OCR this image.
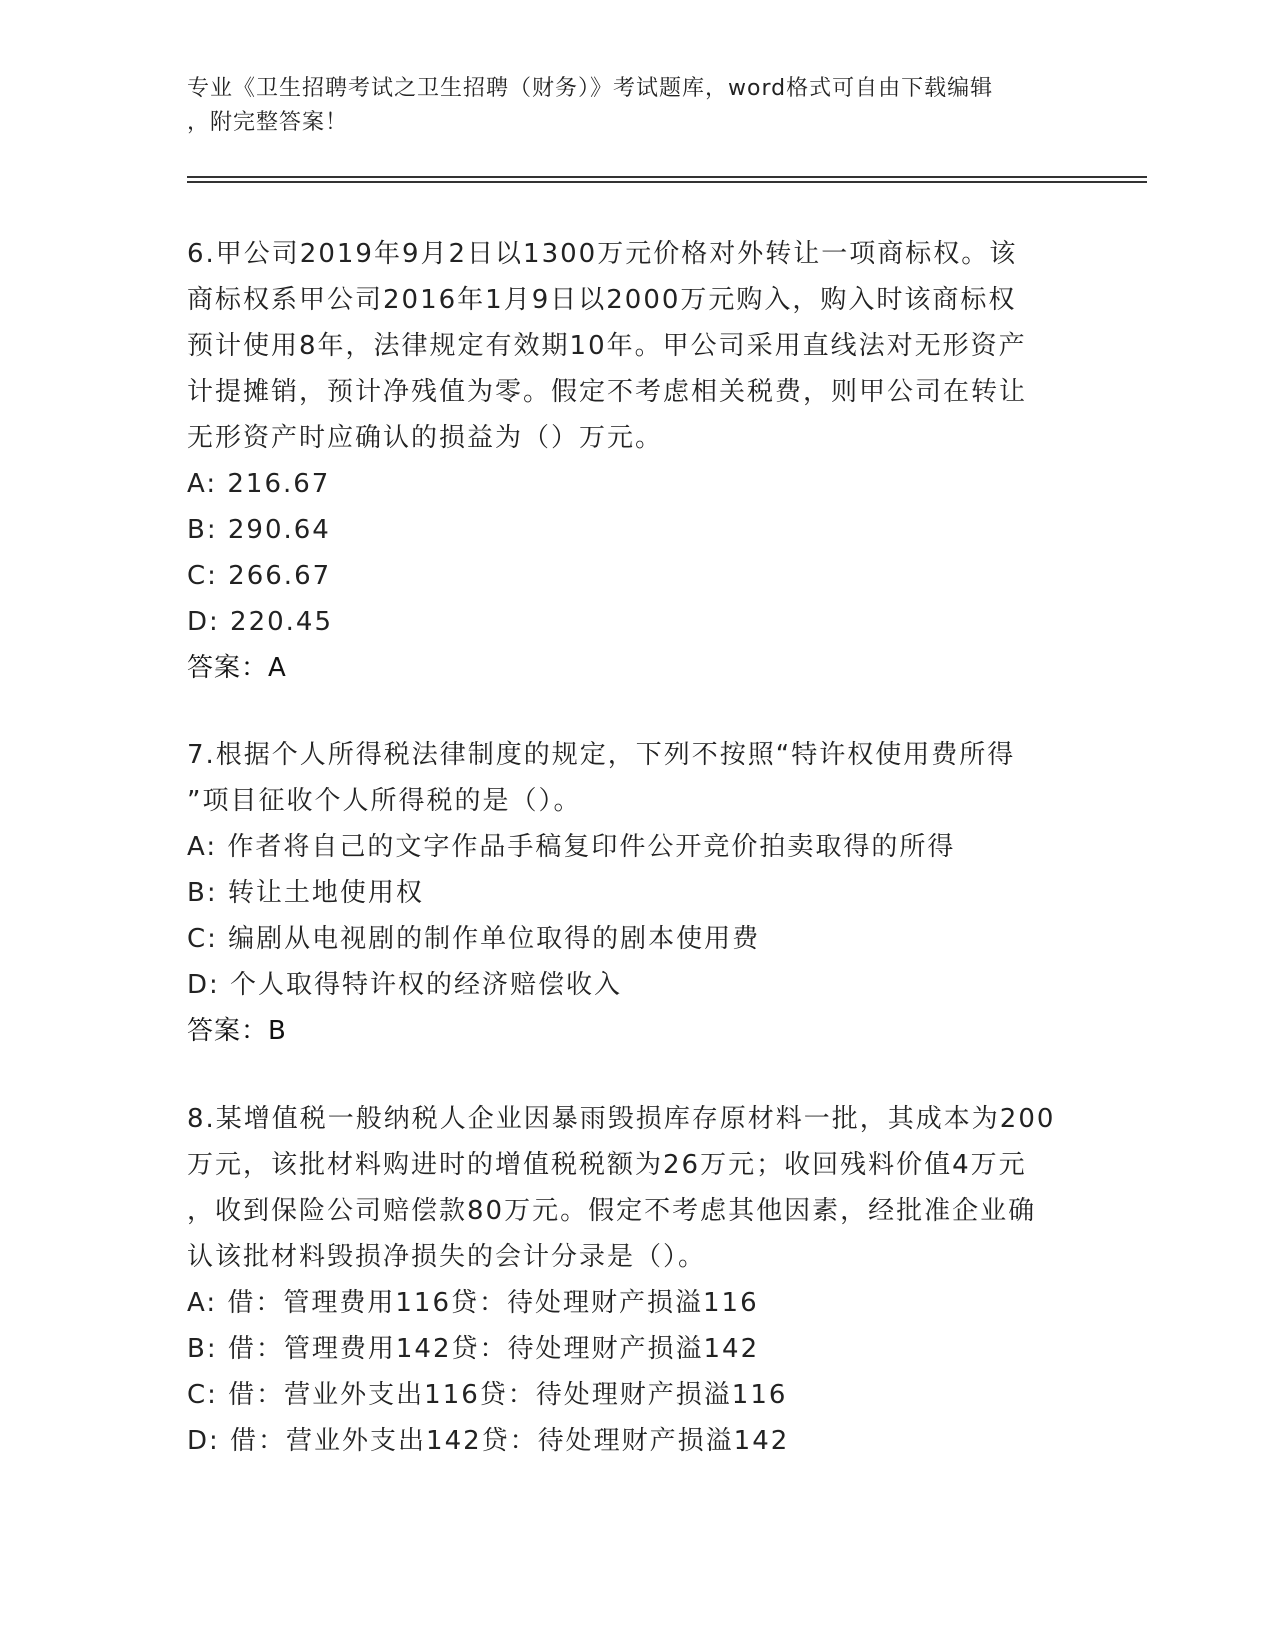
专业《卫生招聘考试之卫生招聘（财务）》考试题库，word格式可自由下载编辑
，附完整答案！
6.甲公司2019年9月2日以1300万元价格对外转让一项商标权。该
商标权系甲公司2016年1月9日以2000万元购入，购入时该商标权
预计使用8年，法律规定有效期10年。甲公司采用直线法对无形资产
计提摊销，预计净残值为零。假定不考虑相关税费，则甲公司在转让
无形资产时应确认的损益为（）万元。
A: 216.67
B: 290.64
C: 266.67
D: 220.45
答案：A
7.根据个人所得税法律制度的规定，下列不按照“特许权使用费所得
”项目征收个人所得税的是（）。
A: 作者将自己的文字作品手稿复印件公开竞价拍卖取得的所得
B: 转让土地使用权
C: 编剧从电视剧的制作单位取得的剧本使用费
D: 个人取得特许权的经济赔偿收入
答案：B
8.某增值税一般纳税人企业因暴雨毁损库存原材料一批，其成本为200
万元，该批材料购进时的增值税税额为26万元；收回残料价值4万元
，收到保险公司赔偿款80万元。假定不考虑其他因素，经批准企业确
认该批材料毁损净损失的会计分录是（）。
A: 借：管理费用116贷：待处理财产损溢116
B: 借：管理费用142贷：待处理财产损溢142
C: 借：营业外支出116贷：待处理财产损溢116
D: 借：营业外支出142贷：待处理财产损溢142
